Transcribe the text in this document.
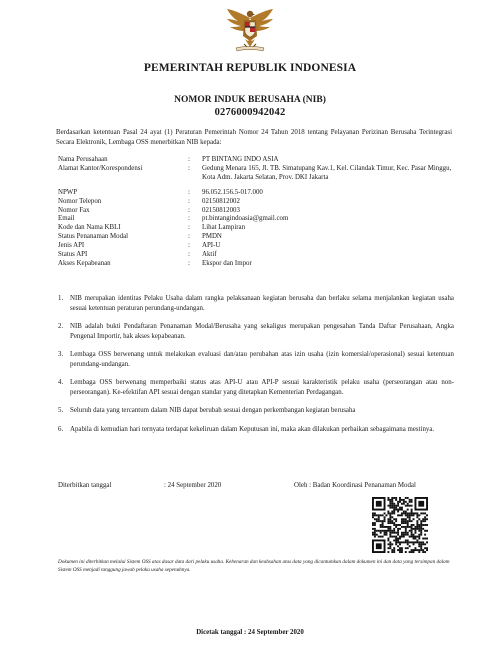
PEMERINTAH REPUBLIK INDONESIA
NOMOR INDUK BERUSAHA (NIB)
0276000942042
Berdasarkan ketentuan Pasal 24 ayat (1) Peraturan Pemerintah Nomor 24 Tahun 2018 tentang Pelayanan Perizinan Berusaha Terintegrasi Secara Elektronik, Lembaga OSS menerbitkan NIB kepada:
Nama Perusahaan	:	PT BINTANG INDO ASIA
Alamat Kantor/Korespondensi	:	Gedung Menara 165, Jl. TB. Simatupang Kav.1, Kel. Cilandak Timur, Kec. Pasar Minggu, Kota Adm. Jakarta Selatan, Prov. DKI Jakarta
NPWP	:	96.052.156.5-017.000
Nomor Telepon	:	02150812002
Nomor Fax	:	02150812003
Email	:	pt.bintangindoasia@gmail.com
Kode dan Nama KBLI	:	Lihat Lampiran
Status Penanaman Modal	:	PMDN
Jenis API	:	API-U
Status API	:	Aktif
Akses Kepabeanan	:	Ekspor dan Impor
1. NIB merupakan identitas Pelaku Usaha dalam rangka pelaksanaan kegiatan berusaha dan berlaku selama menjalankan kegiatan usaha sesuai ketentuan peraturan perundang-undangan.
2. NIB adalah bukti Pendaftaran Penanaman Modal/Berusaha yang sekaligus merupakan pengesahan Tanda Daftar Perusahaan, Angka Pengenal Importir, hak akses kepabeanan.
3. Lembaga OSS berwenang untuk melakukan evaluasi dan/atau perubahan atas izin usaha (izin komersial/operasional) sesuai ketentuan perundang-undangan.
4. Lembaga OSS berwenang memperbaiki status atas API-U atau API-P sesuai karakteristik pelaku usaha (perseorangan atau non-perseorangan). Ke-efektifan API sesuai dengan standar yang ditetapkan Kementerian Perdagangan.
5. Seluruh data yang tercantum dalam NIB dapat berubah sesuai dengan perkembangan kegiatan berusaha
6. Apabila di kemudian hari ternyata terdapat kekeliruan dalam Keputusan ini, maka akan dilakukan perbaikan sebagaimana mestinya.
Diterbitkan tanggal	: 24 September 2020	Oleh : Badan Koordinasi Penanaman Modal
Dokumen ini diterbitkan melalui Sistem OSS atas dasar data dari pelaku usaha. Kebenaran dan keabsahan atas data yang dicantumkan dalam dokumen ini dan data yang tersimpan dalam Sistem OSS menjadi tanggung jawab pelaku usaha sepenuhnya.
Dicetak tanggal : 24 September 2020
